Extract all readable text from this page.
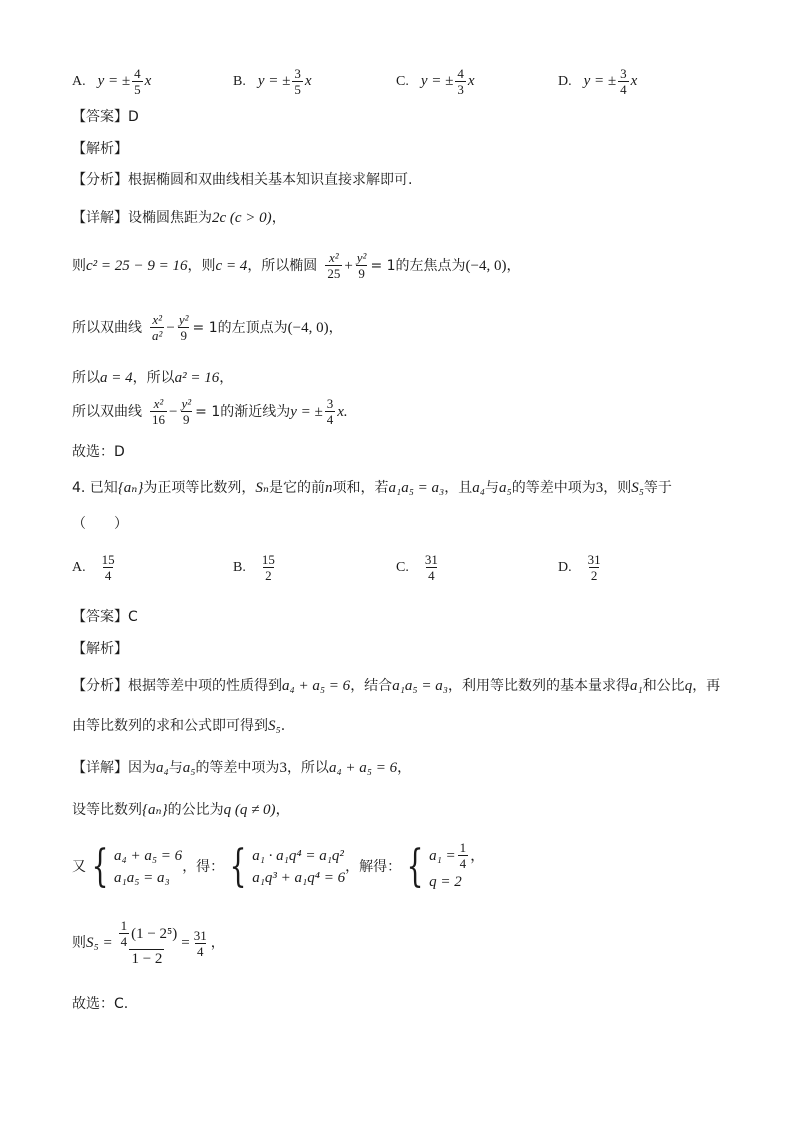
A. y = ± $\frac{4}{5}$ x	B. y = ± $\frac{3}{5}$ x	C. y = ± $\frac{4}{3}$ x	D. y = ± $\frac{3}{4}$ x
【答案】D
【解析】
【分析】根据椭圆和双曲线相关基本知识直接求解即可.
【详解】设椭圆焦距为2c (c > 0)，
则 c² = 25 − 9 = 16 ，则 c = 4 ，所以椭圆 $\frac{\text{x²}}{25} + \frac{\text{y²}}{9} = 1$的左焦点为 (−4, 0) ，
所以双曲线 $\frac{\text{x²}}{\text{a²}} - \frac{\text{y²}}{9} = 1$的左顶点为 (−4, 0) ，
所以a = 4，所以a² = 16，
所以双曲线 $\frac{\text{x²}}{16} - \frac{\text{y²}}{9} = 1$的渐近线为 y = ± $\frac{3}{4} x$.
故选：D
4. 已知{aₙ}为正项等比数列，Sₙ是它的前n项和，若a₁a₅ = a₃，且a₄与a₅的等差中项为3，则S₅等于
（　　）
A. $\frac{15}{4}$	B. $\frac{15}{2}$	C. $\frac{31}{4}$	D. $\frac{31}{2}$
【答案】C
【解析】
【分析】根据等差中项的性质得到a₄ + a₅ = 6，结合a₁a₅ = a₃，利用等比数列的基本量求得a₁和公比q，再
由等比数列的求和公式即可得到S₅.
【详解】因为a₄与a₅的等差中项为3，所以a₄ + a₅ = 6，
设等比数列{aₙ}的公比为q (q ≠ 0)，
又 { a₄ + a₅ = 6
a₁a₅ = a₃
，得： { a₁ · a₁q⁴ = a₁q²
a₁q³ + a₁q⁴ = 6
，解得： { $a_1 = \frac{1}{4}$ ，
q = 2
则 $S_5 = \frac{\frac{1}{4} (1 - 2^5)}{1 - 2} = \frac{31}{4}$ ，
故选：C.
